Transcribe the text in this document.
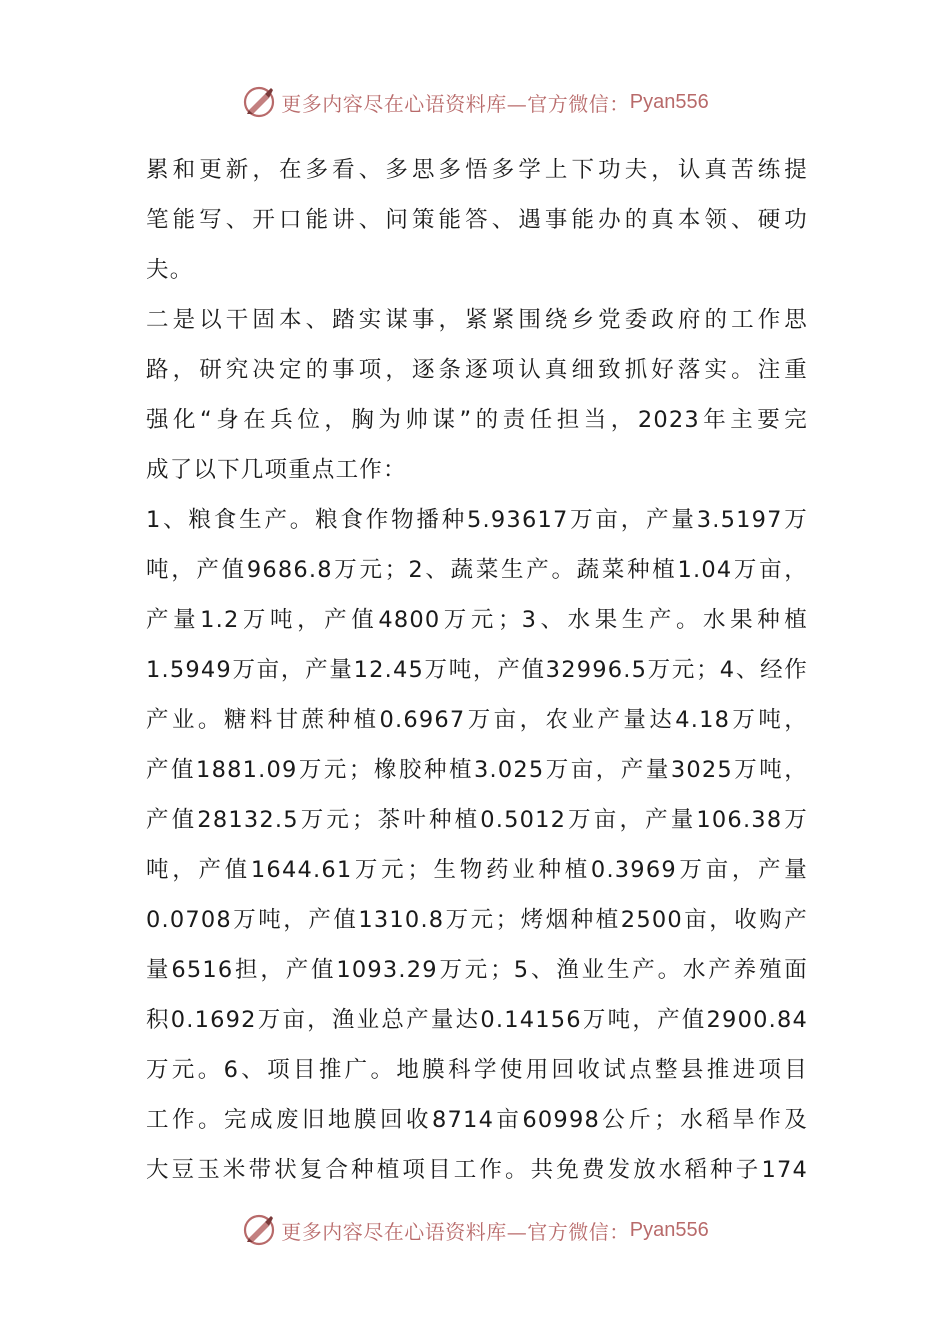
更多内容尽在心语资料库—官方微信： Pyan556
累和更新，在多看、多思多悟多学上下功夫，认真苦练提
笔能写、开口能讲、问策能答、遇事能办的真本领、硬功
夫。
二是以干固本、踏实谋事，紧紧围绕乡党委政府的工作思
路，研究决定的事项，逐条逐项认真细致抓好落实。注重
强化“身在兵位，胸为帅谋”的责任担当，2023年主要完
成了以下几项重点工作：
1、粮食生产。粮食作物播种5.93617万亩，产量3.5197万
吨，产值9686.8万元；2、蔬菜生产。蔬菜种植1.04万亩，
产量1.2万吨，产值4800万元；3、水果生产。水果种植
1.5949万亩，产量12.45万吨，产值32996.5万元；4、经作
产业。糖料甘蔗种植0.6967万亩，农业产量达4.18万吨，
产值1881.09万元；橡胶种植3.025万亩，产量3025万吨，
产值28132.5万元；茶叶种植0.5012万亩，产量106.38万
吨，产值1644.61万元；生物药业种植0.3969万亩，产量
0.0708万吨，产值1310.8万元；烤烟种植2500亩，收购产
量6516担，产值1093.29万元；5、渔业生产。水产养殖面
积0.1692万亩，渔业总产量达0.14156万吨，产值2900.84
万元。6、项目推广。地膜科学使用回收试点整县推进项目
工作。完成废旧地膜回收8714亩60998公斤；水稻旱作及
大豆玉米带状复合种植项目工作。共免费发放水稻种子174
更多内容尽在心语资料库—官方微信： Pyan556
